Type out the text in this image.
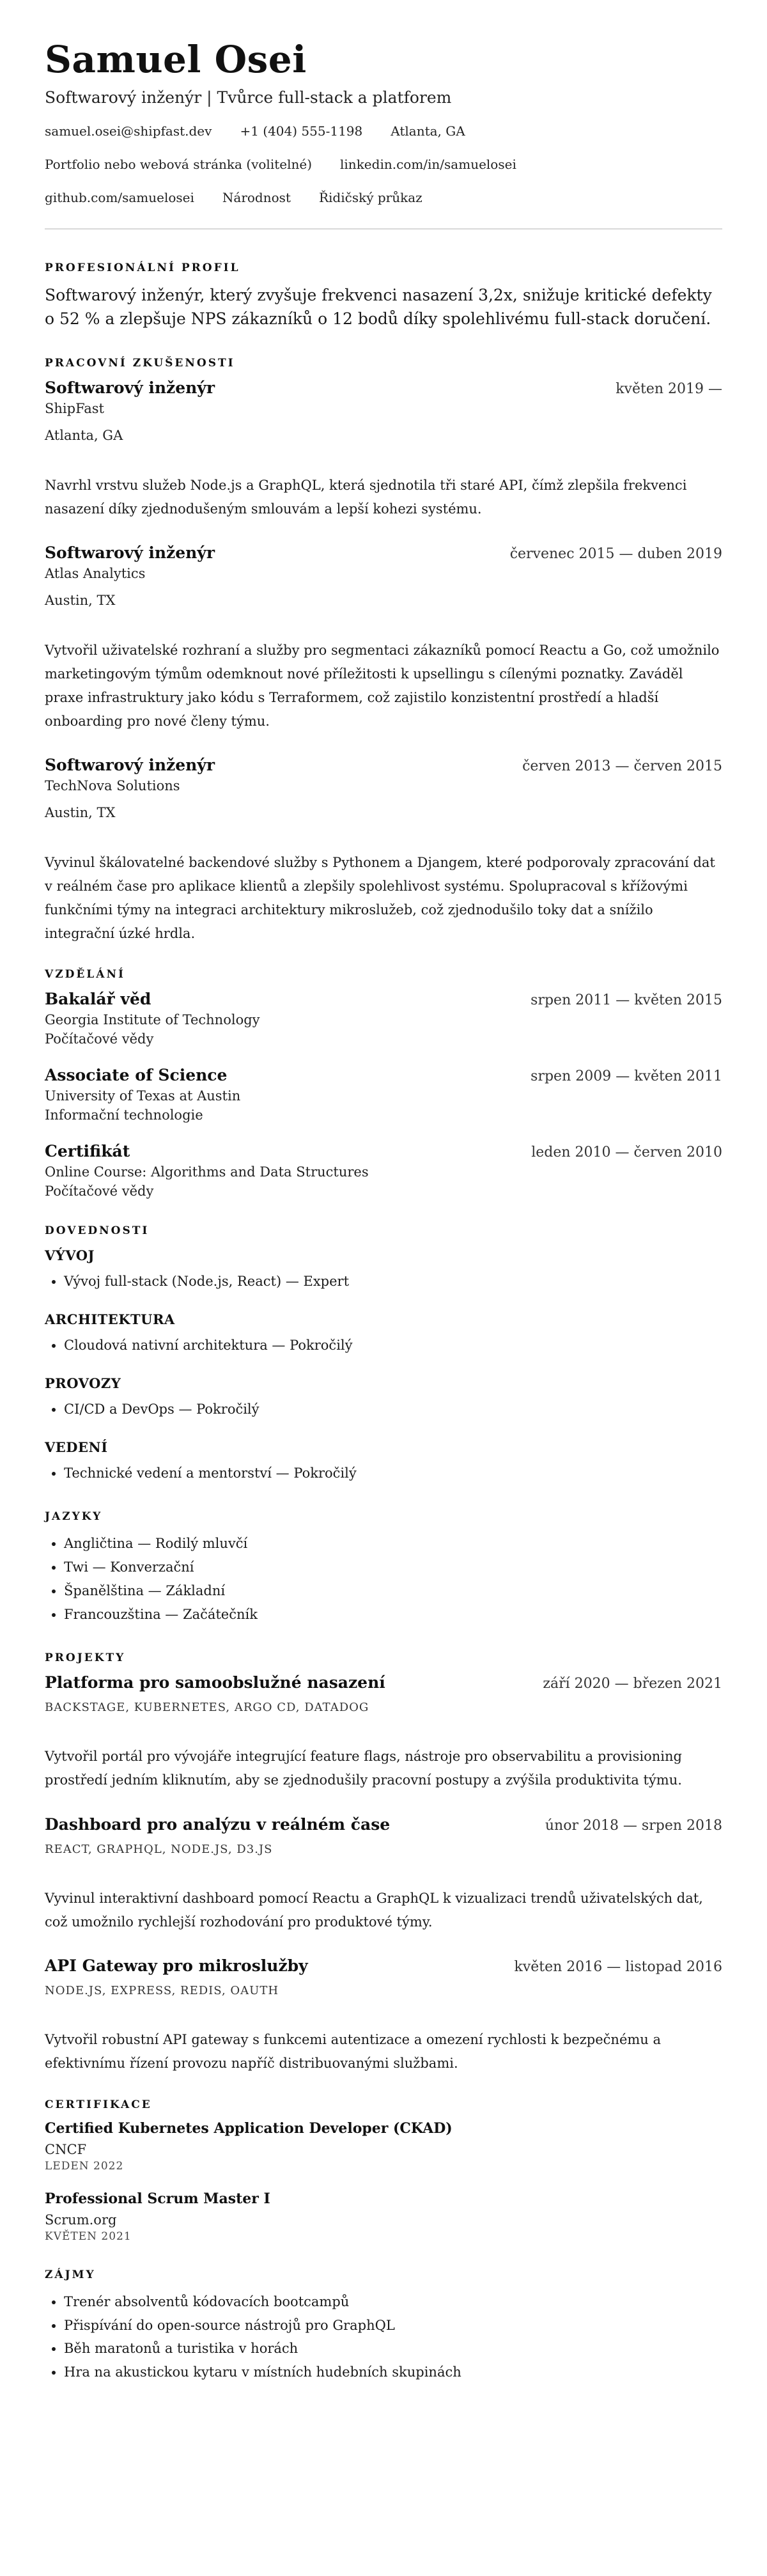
Samuel Osei
Softwarový inženýr | Tvůrce full-stack a platforem
samuel.osei@shipfast.dev +1 (404) 555-1198 Atlanta, GA
Portfolio nebo webová stránka (volitelné) linkedin.com/in/samuelosei
github.com/samuelosei Národnost Řidičský průkaz
PROFESIONÁLNÍ PROFIL

Softwarový inženýr, který zvyšuje frekvenci nasazení 3,2x, snižuje kritické defekty o 52 % a zlepšuje NPS zákazníků o 12 bodů díky spolehlivému full-stack doručení.

PRACOVNÍ ZKUŠENOSTI
Softwarový inženýr	květen 2019 —
ShipFast
Atlanta, GA

Navrhl vrstvu služeb Node.js a GraphQL, která sjednotila tři staré API, čímž zlepšila frekvenci nasazení díky zjednodušeným smlouvám a lepší kohezi systému.

Softwarový inženýr	červenec 2015 — duben 2019
Atlas Analytics
Austin, TX

Vytvořil uživatelské rozhraní a služby pro segmentaci zákazníků pomocí Reactu a Go, což umožnilo marketingovým týmům odemknout nové příležitosti k upsellingu s cílenými poznatky. Zaváděl praxe infrastruktury jako kódu s Terraformem, což zajistilo konzistentní prostředí a hladší onboarding pro nové členy týmu.

Softwarový inženýr	červen 2013 — červen 2015
TechNova Solutions
Austin, TX

Vyvinul škálovatelné backendové služby s Pythonem a Djangem, které podporovaly zpracování dat v reálném čase pro aplikace klientů a zlepšily spolehlivost systému. Spolupracoval s křížovými funkčními týmy na integraci architektury mikroslužeb, což zjednodušilo toky dat a snížilo integrační úzké hrdla.

VZDĚLÁNÍ
Bakalář věd	srpen 2011 — květen 2015
Georgia Institute of Technology
Počítačové vědy
Associate of Science	srpen 2009 — květen 2011
University of Texas at Austin
Informační technologie
Certifikát	leden 2010 — červen 2010
Online Course: Algorithms and Data Structures
Počítačové vědy
DOVEDNOSTI
VÝVOJ
• Vývoj full-stack (Node.js, React) — Expert
ARCHITEKTURA
• Cloudová nativní architektura — Pokročilý
PROVOZY
• CI/CD a DevOps — Pokročilý
VEDENÍ
• Technické vedení a mentorství — Pokročilý
JAZYKY
• Angličtina — Rodilý mluvčí
• Twi — Konverzační
• Španělština — Základní
• Francouzština — Začátečník
PROJEKTY
Platforma pro samoobslužné nasazení	září 2020 — březen 2021
BACKSTAGE, KUBERNETES, ARGO CD, DATADOG

Vytvořil portál pro vývojáře integrující feature flags, nástroje pro observabilitu a provisioning prostředí jedním kliknutím, aby se zjednodušily pracovní postupy a zvýšila produktivita týmu.

Dashboard pro analýzu v reálném čase	únor 2018 — srpen 2018
REACT, GRAPHQL, NODE.JS, D3.JS

Vyvinul interaktivní dashboard pomocí Reactu a GraphQL k vizualizaci trendů uživatelských dat, což umožnilo rychlejší rozhodování pro produktové týmy.

API Gateway pro mikroslužby	květen 2016 — listopad 2016
NODE.JS, EXPRESS, REDIS, OAUTH

Vytvořil robustní API gateway s funkcemi autentizace a omezení rychlosti k bezpečnému a efektivnímu řízení provozu napříč distribuovanými službami.

CERTIFIKACE
Certified Kubernetes Application Developer (CKAD)
CNCF
LEDEN 2022
Professional Scrum Master I
Scrum.org
KVĚTEN 2021
ZÁJMY
• Trenér absolventů kódovacích bootcampů
• Přispívání do open-source nástrojů pro GraphQL
• Běh maratonů a turistika v horách
• Hra na akustickou kytaru v místních hudebních skupinách
